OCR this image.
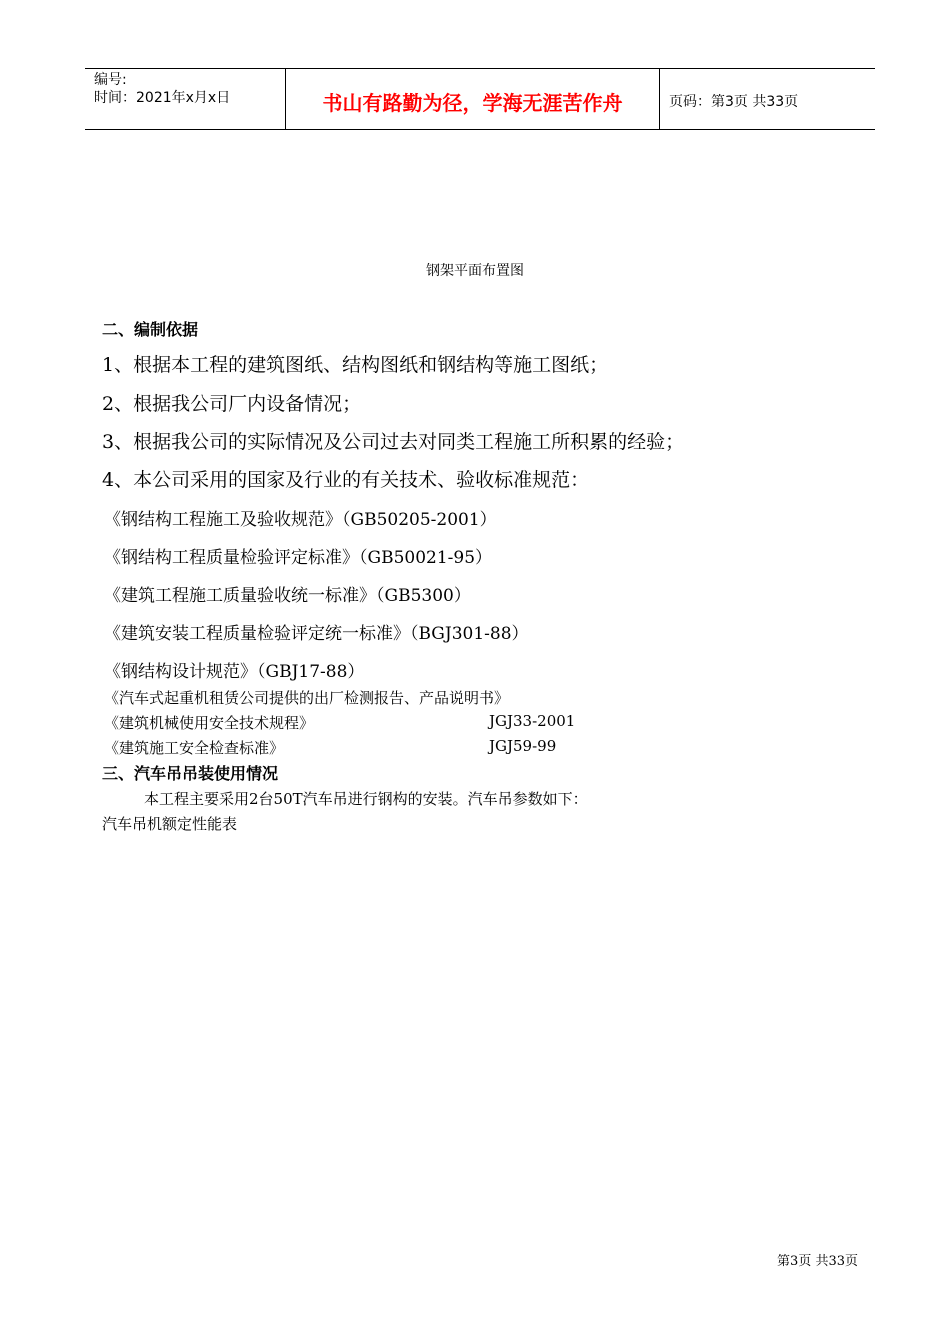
编号:
时间：2021年x月x日	书山有路勤为径，学海无涯苦作舟	页码：第3页 共33页
钢架平面布置图
二、编制依据
1、根据本工程的建筑图纸、结构图纸和钢结构等施工图纸；
2、根据我公司厂内设备情况；
3、根据我公司的实际情况及公司过去对同类工程施工所积累的经验；
4、本公司采用的国家及行业的有关技术、验收标准规范：
《钢结构工程施工及验收规范》（GB50205-2001）
《钢结构工程质量检验评定标准》（GB50021-95）
《建筑工程施工质量验收统一标准》（GB5300）
《建筑安装工程质量检验评定统一标准》（BGJ301-88）
《钢结构设计规范》（GBJ17-88）
《汽车式起重机租赁公司提供的出厂检测报告、产品说明书》
《建筑机械使用安全技术规程》	JGJ33-2001
《建筑施工安全检查标准》	JGJ59-99
三、汽车吊吊装使用情况
本工程主要采用2台50T汽车吊进行钢构的安装。汽车吊参数如下：
汽车吊机额定性能表
第3页 共33页
